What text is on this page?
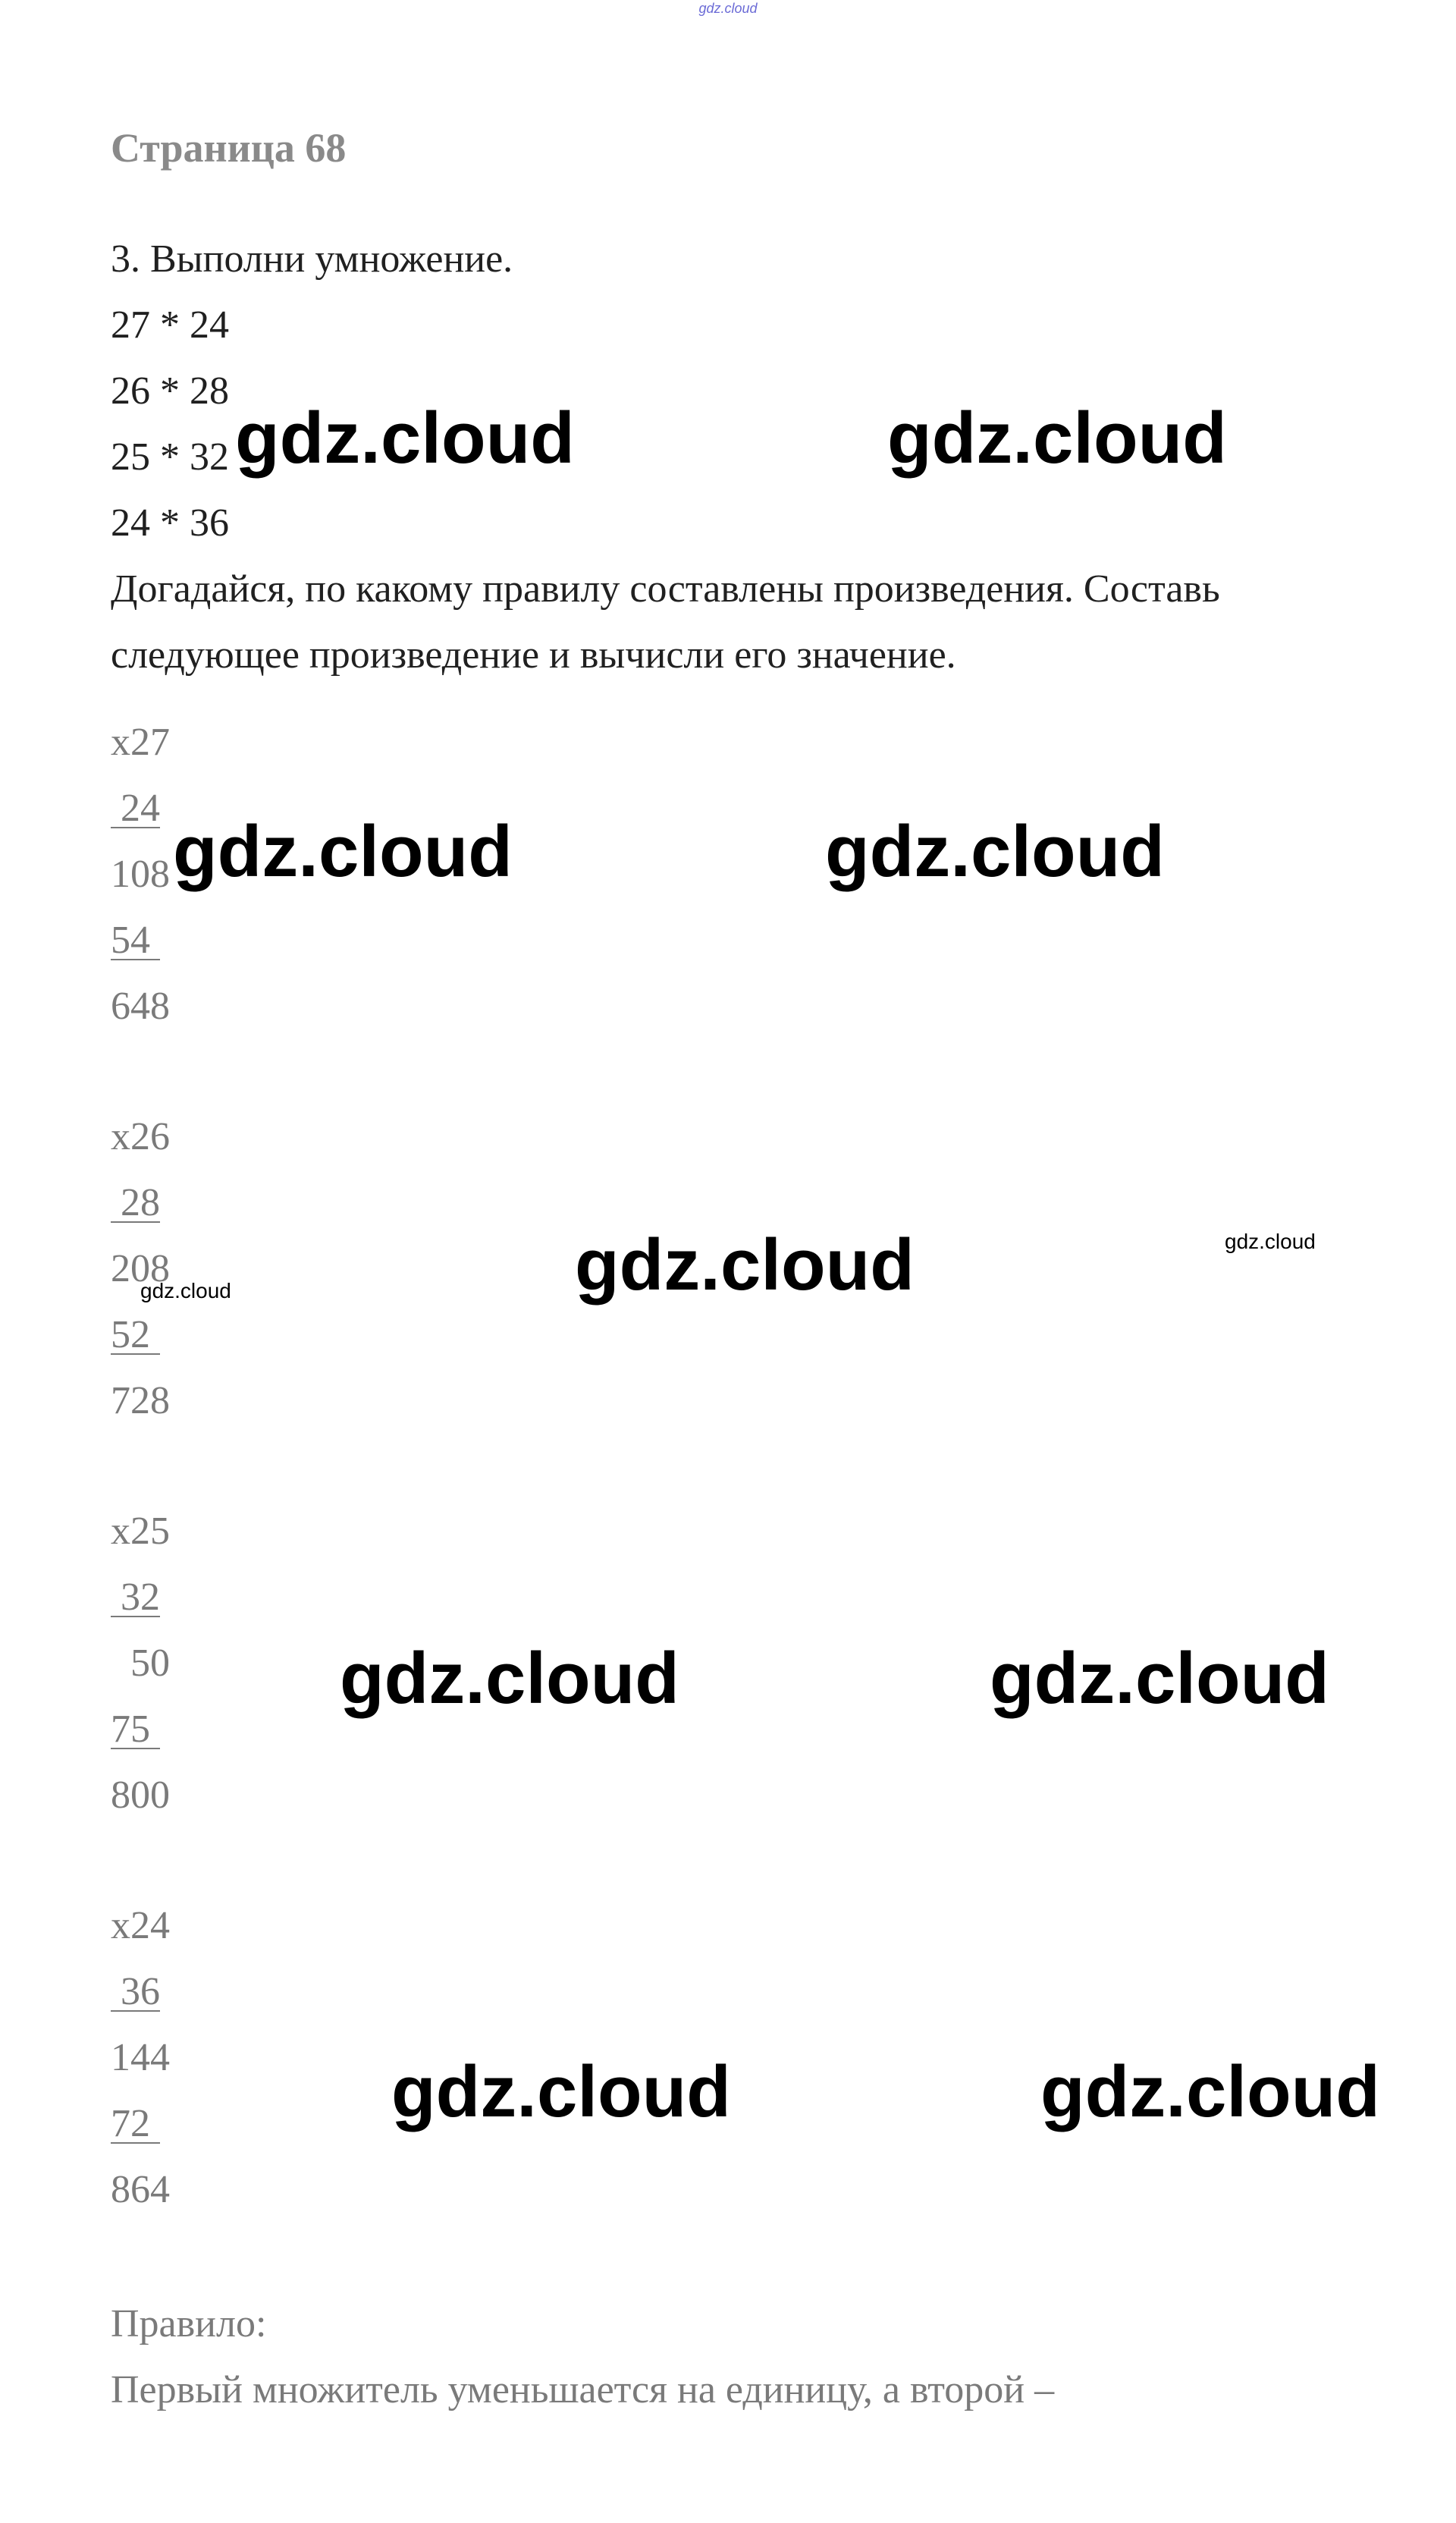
gdz.cloud
Страница 68
3. Выполни умножение.
27 * 24
26 * 28
25 * 32
24 * 36
Догадайся, по какому правилу составлены произведения. Составь следующее произведение и вычисли его значение.
x27
24
108
54
648
x26
28
208
52
728
x25
32
50
75
800
x24
36
144
72
864
Правило:
Первый множитель уменьшается на единицу, а второй –
gdz.cloud	gdz.cloud
gdz.cloud	gdz.cloud
gdz.cloud	gdz.cloud
gdz.cloud
gdz.cloud	gdz.cloud
gdz.cloud	gdz.cloud
